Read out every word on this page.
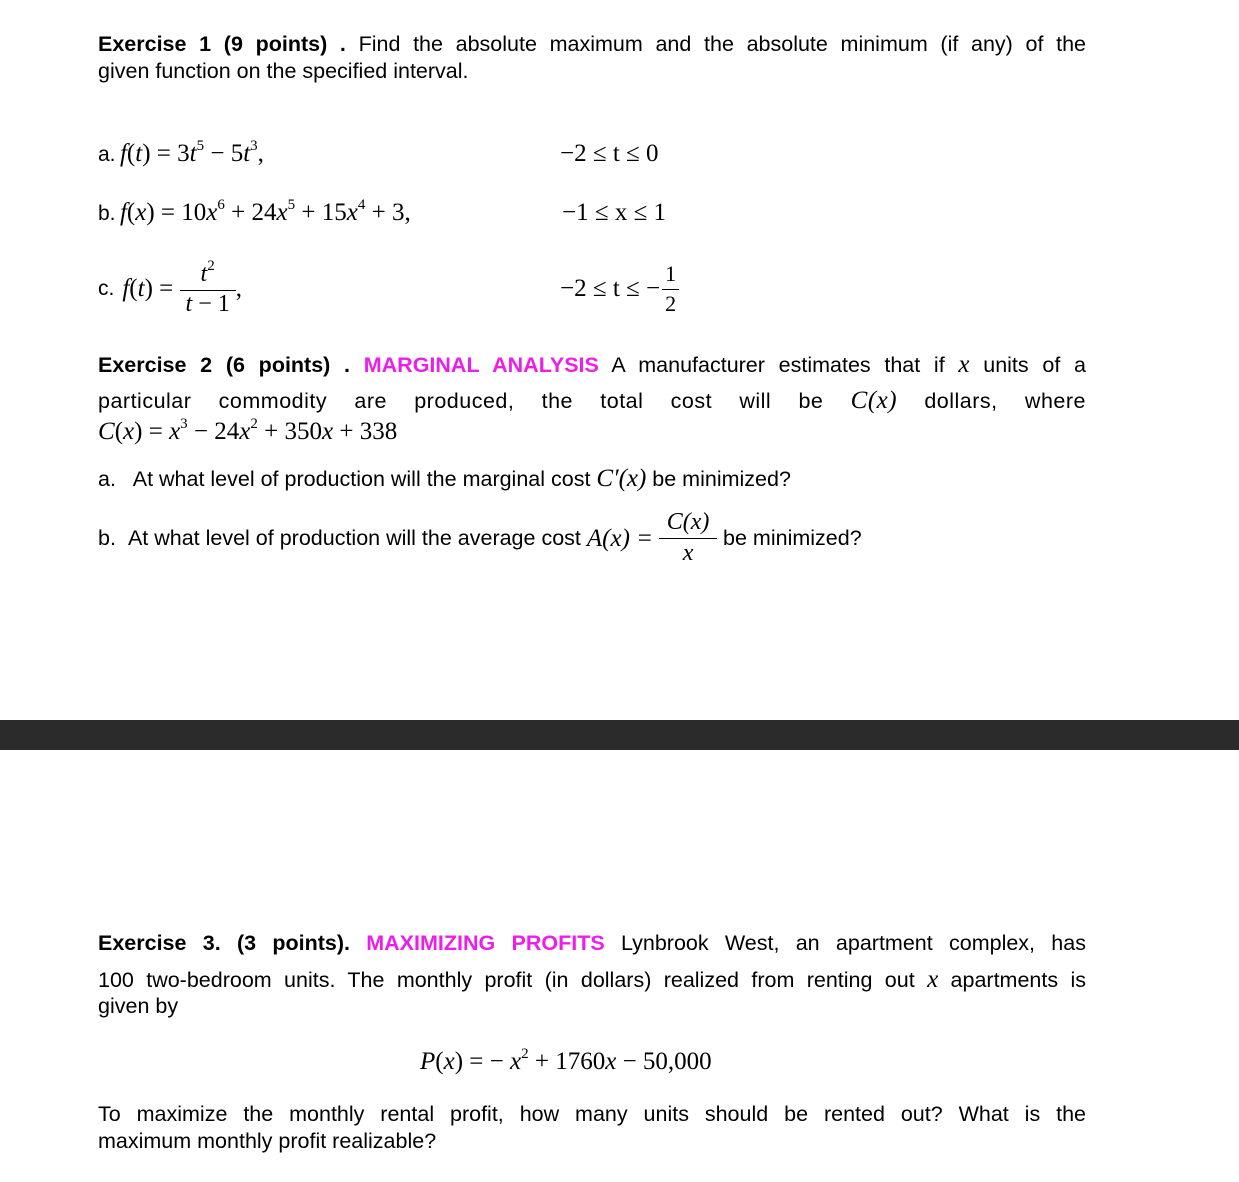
Exercise 1 (9 points) . Find the absolute maximum and the absolute minimum (if any) of the
given function on the specified interval.
a. $f(t) = 3t^5 - 5t^3$,	−2 ≤ t ≤ 0
b. $f(x) = 10x^6 + 24x^5 + 15x^4 + 3$,	−1 ≤ x ≤ 1
c. $f(t) = \frac{t^2}{t - 1}$ ,	−2 ≤ t ≤ − $\frac{1}{2}$
Exercise 2 (6 points) . MARGINAL ANALYSIS A manufacturer estimates that if x units of a
particular commodity are produced, the total cost will be C(x) dollars, where
$C(x) = x^3 - 24x^2 + 350x + 338$
a. At what level of production will the marginal cost C′(x) be minimized?
b. At what level of production will the average cost $A(x) = \frac{C(x)}{x}$ be minimized?
Exercise 3. (3 points). MAXIMIZING PROFITS Lynbrook West, an apartment complex, has
100 two-bedroom units. The monthly profit (in dollars) realized from renting out x apartments is
given by
P(x) = − $x^2 + 1760x - 50,000$
To maximize the monthly rental profit, how many units should be rented out? What is the
maximum monthly profit realizable?
